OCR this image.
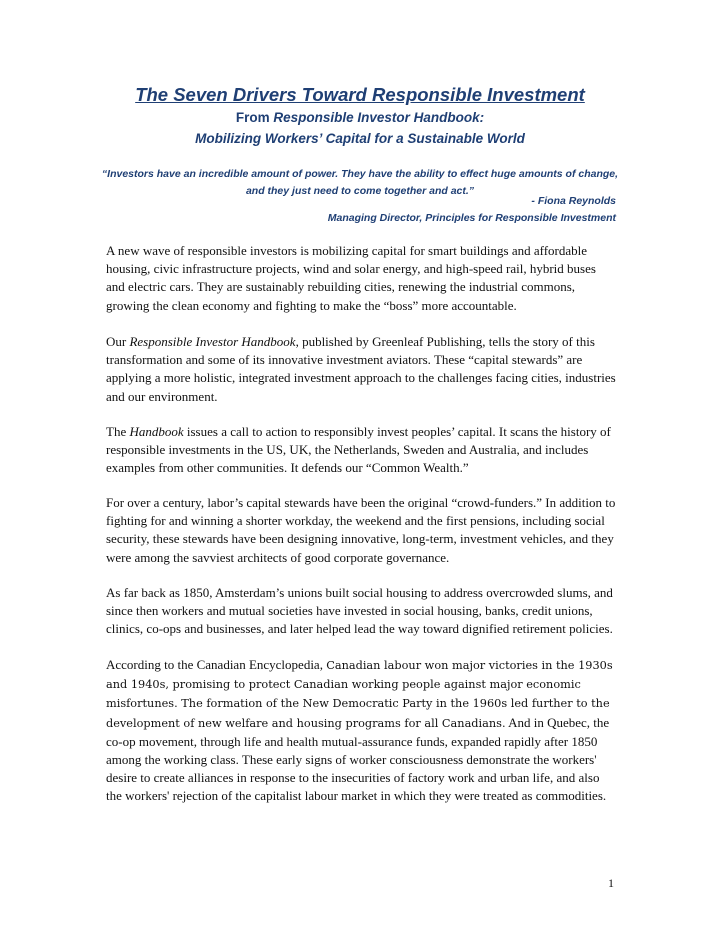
The Seven Drivers Toward Responsible Investment

From Responsible Investor Handbook:

Mobilizing Workers’ Capital for a Sustainable World

“Investors have an incredible amount of power. They have the ability to effect huge amounts of change, and they just need to come together and act.”

- Fiona Reynolds

Managing Director, Principles for Responsible Investment

A new wave of responsible investors is mobilizing capital for smart buildings and affordable housing, civic infrastructure projects, wind and solar energy, and high-speed rail, hybrid buses and electric cars. They are sustainably rebuilding cities, renewing the industrial commons, growing the clean economy and fighting to make the “boss” more accountable.

Our Responsible Investor Handbook, published by Greenleaf Publishing, tells the story of this transformation and some of its innovative investment aviators. These “capital stewards” are applying a more holistic, integrated investment approach to the challenges facing cities, industries and our environment.

The Handbook issues a call to action to responsibly invest peoples’ capital. It scans the history of responsible investments in the US, UK, the Netherlands, Sweden and Australia, and includes examples from other communities. It defends our “Common Wealth.”

For over a century, labor’s capital stewards have been the original “crowd-funders.” In addition to fighting for and winning a shorter workday, the weekend and the first pensions, including social security, these stewards have been designing innovative, long-term, investment vehicles, and they were among the savviest architects of good corporate governance.

As far back as 1850, Amsterdam’s unions built social housing to address overcrowded slums, and since then workers and mutual societies have invested in social housing, banks, credit unions, clinics, co-ops and businesses, and later helped lead the way toward dignified retirement policies.

According to the Canadian Encyclopedia, Canadian labour won major victories in the 1930s and 1940s, promising to protect Canadian working people against major economic misfortunes. The formation of the New Democratic Party in the 1960s led further to the development of new welfare and housing programs for all Canadians. And in Quebec, the co-op movement, through life and health mutual-assurance funds, expanded rapidly after 1850 among the working class. These early signs of worker consciousness demonstrate the workers' desire to create alliances in response to the insecurities of factory work and urban life, and also the workers' rejection of the capitalist labour market in which they were treated as commodities.

1
